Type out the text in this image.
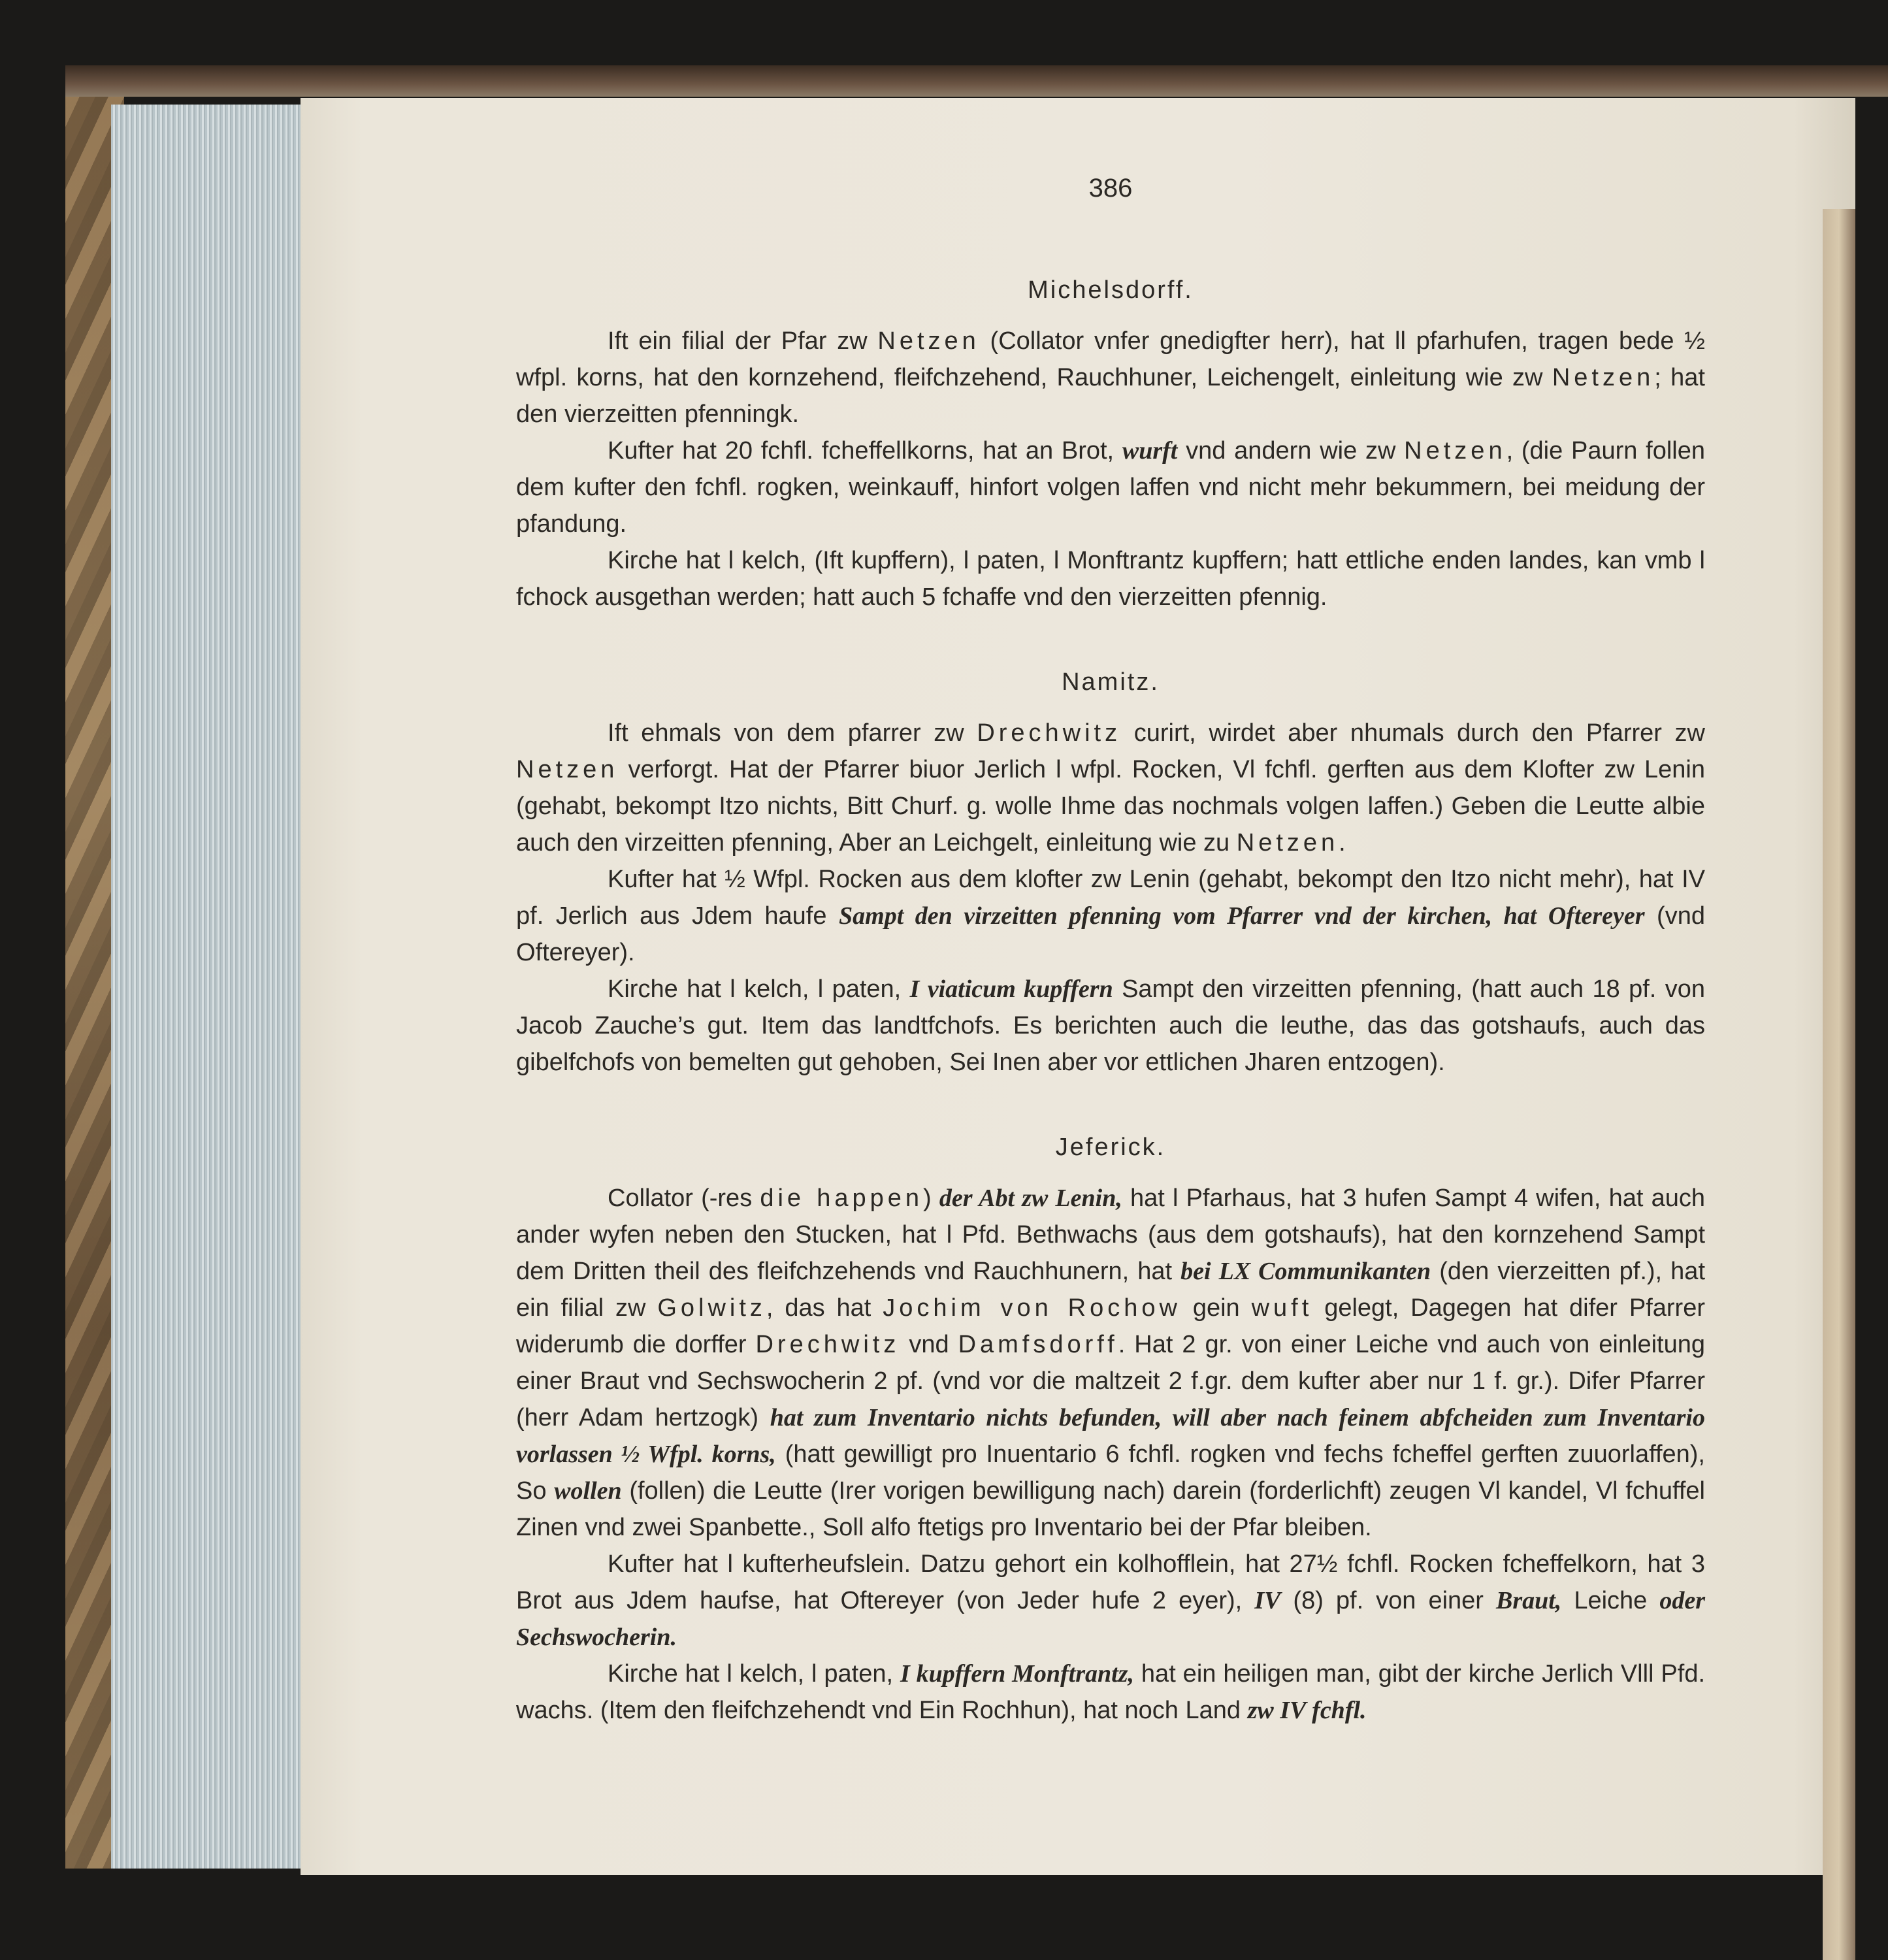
386
Michelsdorff.

Ift ein filial der Pfar zw Netzen (Collator vnfer gnedigfter herr), hat ll pfarhufen, tragen bede ½ wfpl. korns, hat den kornzehend, fleifchzehend, Rauchhuner, Leichengelt, einleitung wie zw Netzen; hat den vierzeitten pfenningk.

Kufter hat 20 fchfl. fcheffellkorns, hat an Brot, wurft vnd andern wie zw Netzen, (die Paurn follen dem kufter den fchfl. rogken, weinkauff, hinfort volgen laffen vnd nicht mehr bekummern, bei meidung der pfandung.

Kirche hat l kelch, (Ift kupffern), l paten, l Monftrantz kupffern; hatt ettliche enden landes, kan vmb l fchock ausgethan werden; hatt auch 5 fchaffe vnd den vierzeitten pfennig.

Namitz.

Ift ehmals von dem pfarrer zw Drechwitz curirt, wirdet aber nhumals durch den Pfarrer zw Netzen verforgt. Hat der Pfarrer biuor Jerlich l wfpl. Rocken, Vl fchfl. gerften aus dem Klofter zw Lenin (gehabt, bekompt Itzo nichts, Bitt Churf. g. wolle Ihme das nochmals volgen laffen.) Geben die Leutte albie auch den virzeitten pfenning, Aber an Leichgelt, einleitung wie zu Netzen.

Kufter hat ½ Wfpl. Rocken aus dem klofter zw Lenin (gehabt, bekompt den Itzo nicht mehr), hat IV pf. Jerlich aus Jdem haufe Sampt den virzeitten pfenning vom Pfarrer vnd der kirchen, hat Oftereyer (vnd Oftereyer).

Kirche hat l kelch, l paten, I viaticum kupffern Sampt den virzeitten pfenning, (hatt auch 18 pf. von Jacob Zauche’s gut. Item das landtfchofs. Es berichten auch die leuthe, das das gotshaufs, auch das gibelfchofs von bemelten gut gehoben, Sei Inen aber vor ettlichen Jharen entzogen).

Jeferick.

Collator (-res die happen) der Abt zw Lenin, hat l Pfarhaus, hat 3 hufen Sampt 4 wifen, hat auch ander wyfen neben den Stucken, hat l Pfd. Bethwachs (aus dem gotshaufs), hat den kornzehend Sampt dem Dritten theil des fleifchzehends vnd Rauchhunern, hat bei LX Communikanten (den vierzeitten pf.), hat ein filial zw Golwitz, das hat Jochim von Rochow gein wuft gelegt, Dagegen hat difer Pfarrer widerumb die dorffer Drechwitz vnd Damfsdorff. Hat 2 gr. von einer Leiche vnd auch von einleitung einer Braut vnd Sechswocherin 2 pf. (vnd vor die maltzeit 2 f.gr. dem kufter aber nur 1 f. gr.). Difer Pfarrer (herr Adam hertzogk) hat zum Inventario nichts befunden, will aber nach feinem abfcheiden zum Inventario vorlassen ½ Wfpl. korns, (hatt gewilligt pro Inuentario 6 fchfl. rogken vnd fechs fcheffel gerften zuuorlaffen), So wollen (follen) die Leutte (Irer vorigen bewilligung nach) darein (forderlichft) zeugen Vl kandel, Vl fchuffel Zinen vnd zwei Spanbette., Soll alfo ftetigs pro Inventario bei der Pfar bleiben.

Kufter hat l kufterheufslein. Datzu gehort ein kolhofflein, hat 27½ fchfl. Rocken fcheffelkorn, hat 3 Brot aus Jdem haufse, hat Oftereyer (von Jeder hufe 2 eyer), IV (8) pf. von einer Braut, Leiche oder Sechswocherin.

Kirche hat l kelch, l paten, I kupffern Monftrantz, hat ein heiligen man, gibt der kirche Jerlich Vlll Pfd. wachs. (Item den fleifchzehendt vnd Ein Rochhun), hat noch Land zw IV fchfl.
